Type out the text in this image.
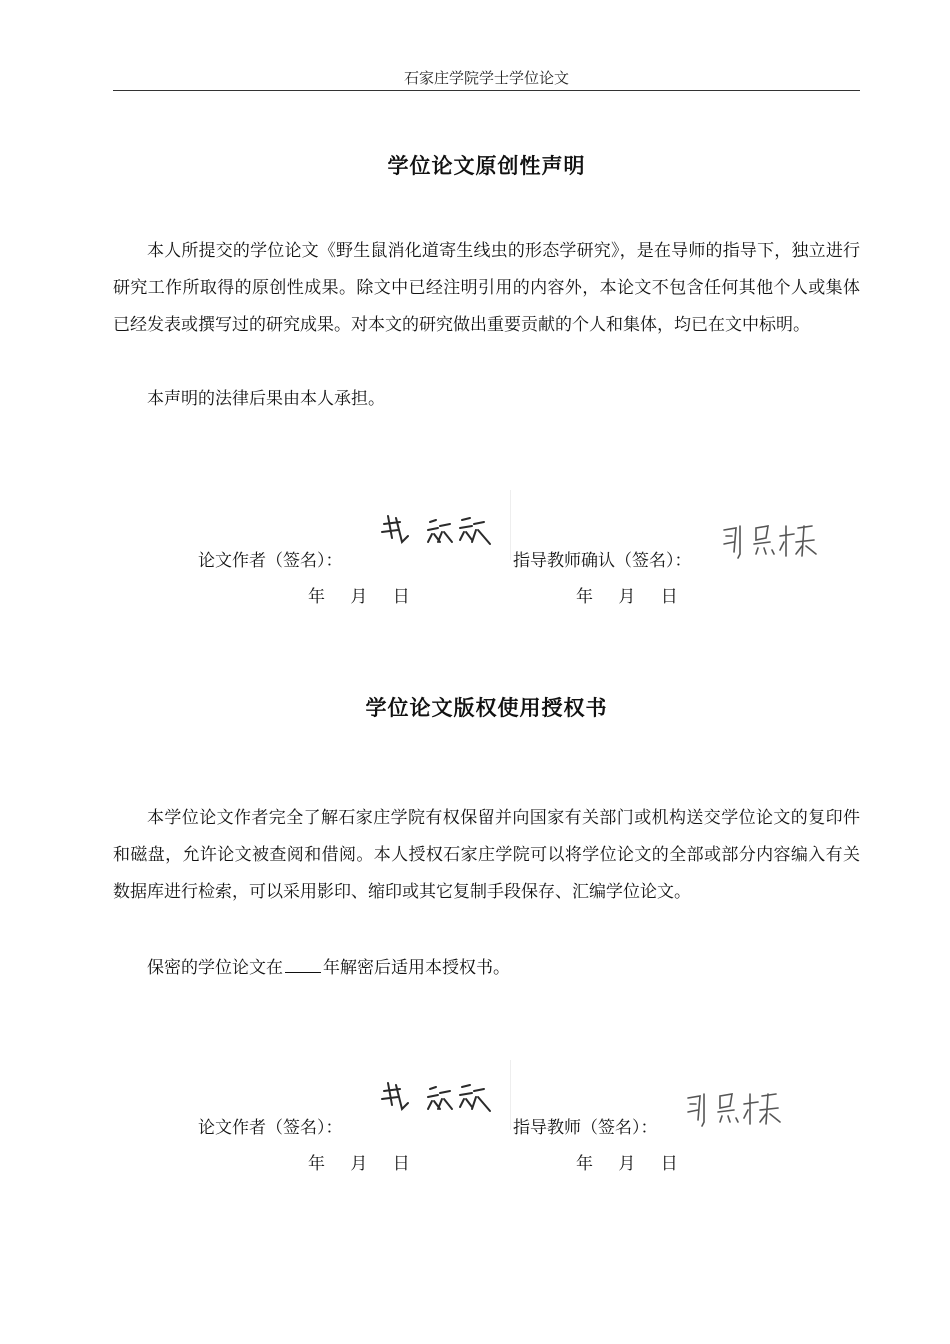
石家庄学院学士学位论文
学位论文原创性声明

本人所提交的学位论文《野生鼠消化道寄生线虫的形态学研究》，是在导师的指导下，独立进行研究工作所取得的原创性成果。除文中已经注明引用的内容外，本论文不包含任何其他个人或集体已经发表或撰写过的研究成果。对本文的研究做出重要贡献的个人和集体，均已在文中标明。

本声明的法律后果由本人承担。

论文作者（签名）：	指导教师确认（签名）：
年 月 日	年 月 日
学位论文版权使用授权书

本学位论文作者完全了解石家庄学院有权保留并向国家有关部门或机构送交学位论文的复印件和磁盘，允许论文被查阅和借阅。本人授权石家庄学院可以将学位论文的全部或部分内容编入有关数据库进行检索，可以采用影印、缩印或其它复制手段保存、汇编学位论文。

保密的学位论文在 年解密后适用本授权书。

论文作者（签名）：	指导教师（签名）：
年 月 日	年 月 日
